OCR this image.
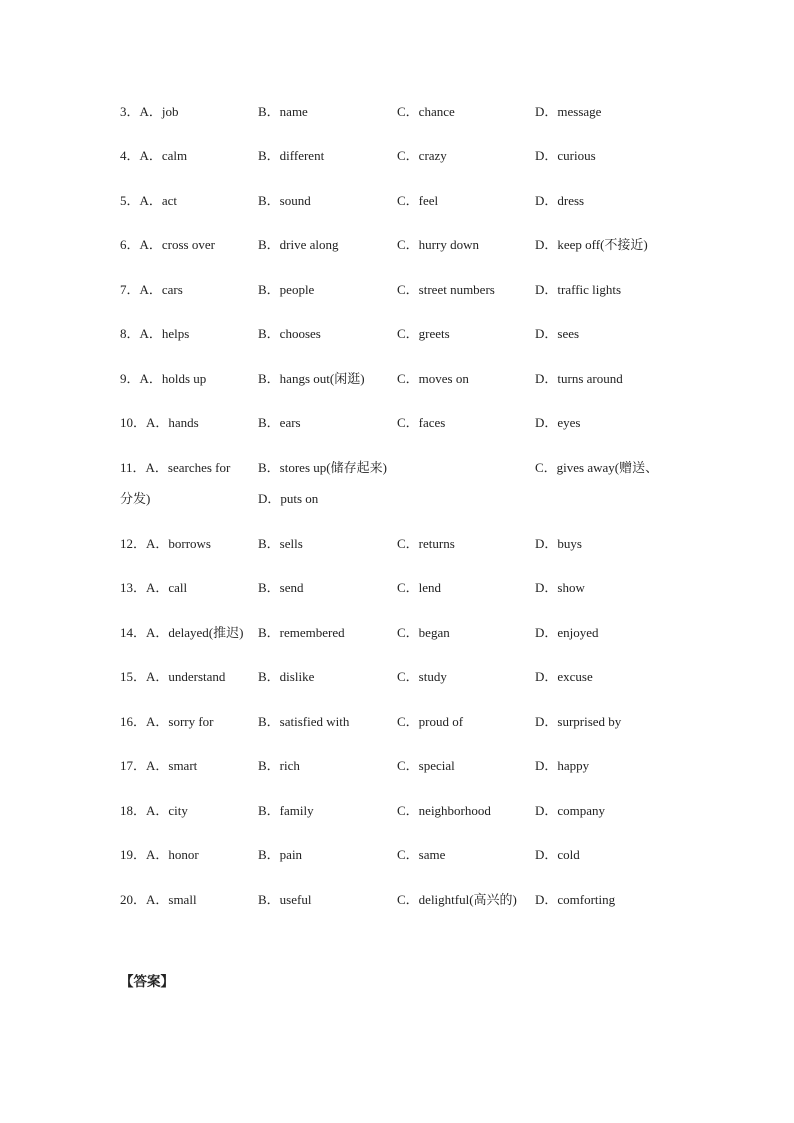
3．A．job	B．name	C．chance	D．message
4．A．calm	B．different	C．crazy	D．curious
5．A．act	B．sound	C．feel	D．dress
6．A．cross over	B．drive along	C．hurry down	D．keep off(不接近)
7．A．cars	B．people	C．street numbers	D．traffic lights
8．A．helps	B．chooses	C．greets	D．sees
9．A．holds up	B．hangs out(闲逛) C．moves on	D．turns around
10．A．hands	B．ears	C．faces	D．eyes
11．A．searches for B．stores up(储存起来)	C．gives away(赠送、
分发)	D．puts on
12．A．borrows	B．sells	C．returns	D．buys
13．A．call	B．send	C．lend	D．show
14．A．delayed(推迟) B．remembered	C．began	D．enjoyed
15．A．understand	B．dislike	C．study	D．excuse
16．A．sorry for	B．satisfied with	C．proud of	D．surprised by
17．A．smart	B．rich	C．special	D．happy
18．A．city	B．family	C．neighborhood	D．company
19．A．honor	B．pain	C．same	D．cold
20．A．small	B．useful	C．delightful(高兴的) D．comforting
【答案】
